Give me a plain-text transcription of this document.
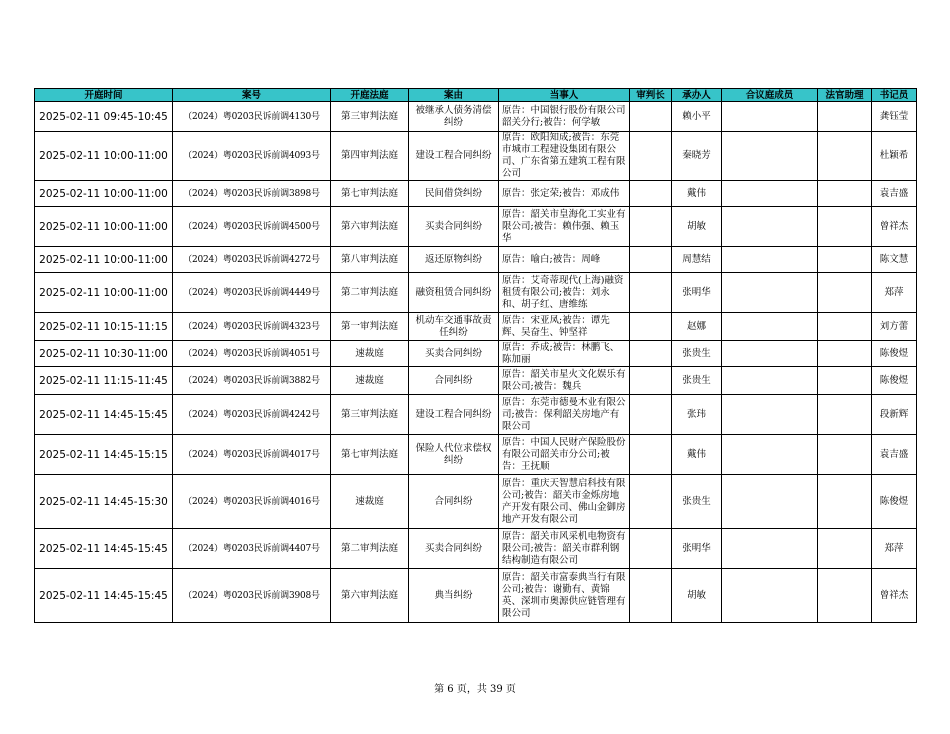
开庭时间	案号	开庭法庭	案由	当事人	审判长	承办人	合议庭成员	法官助理	书记员
2025-02-11 09:45-10:45	（2024）粤0203民诉前调4130号	第三审判法庭	被继承人债务清偿纠纷	原告：中国银行股份有限公司韶关分行;被告：何学敏		赖小平			龚钰莹
2025-02-11 10:00-11:00	（2024）粤0203民诉前调4093号	第四审判法庭	建设工程合同纠纷	原告：欧阳知成;被告：东莞市城市工程建设集团有限公司、广东省第五建筑工程有限公司		秦晓芳			杜颖希
2025-02-11 10:00-11:00	（2024）粤0203民诉前调3898号	第七审判法庭	民间借贷纠纷	原告：张定荣;被告：邓成伟		戴伟			袁吉盛
2025-02-11 10:00-11:00	（2024）粤0203民诉前调4500号	第六审判法庭	买卖合同纠纷	原告：韶关市皇海化工实业有限公司;被告：赖伟强、赖玉华		胡敏			曾祥杰
2025-02-11 10:00-11:00	（2024）粤0203民诉前调4272号	第八审判法庭	返还原物纠纷	原告：喻白;被告：周峰		周慧结			陈文慧
2025-02-11 10:00-11:00	（2024）粤0203民诉前调4449号	第二审判法庭	融资租赁合同纠纷	原告：艾奇蒂现代(上海)融资租赁有限公司;被告：刘永和、胡子红、唐维练		张明华			郑萍
2025-02-11 10:15-11:15	（2024）粤0203民诉前调4323号	第一审判法庭	机动车交通事故责任纠纷	原告：宋亚凤;被告：谭先辉、吴奋生、钟坚祥		赵娜			刘方蕾
2025-02-11 10:30-11:00	（2024）粤0203民诉前调4051号	速裁庭	买卖合同纠纷	原告：乔成;被告：林鹏飞、陈加丽		张贵生			陈俊煜
2025-02-11 11:15-11:45	（2024）粤0203民诉前调3882号	速裁庭	合同纠纷	原告：韶关市星火文化娱乐有限公司;被告：魏兵		张贵生			陈俊煜
2025-02-11 14:45-15:45	（2024）粤0203民诉前调4242号	第三审判法庭	建设工程合同纠纷	原告：东莞市德曼木业有限公司;被告：保利韶关房地产有限公司		张玮			段新辉
2025-02-11 14:45-15:15	（2024）粤0203民诉前调4017号	第七审判法庭	保险人代位求偿权纠纷	原告：中国人民财产保险股份有限公司韶关市分公司;被告：王抚顺		戴伟			袁吉盛
2025-02-11 14:45-15:30	（2024）粤0203民诉前调4016号	速裁庭	合同纠纷	原告：重庆天智慧启科技有限公司;被告：韶关市金烁房地产开发有限公司、佛山金御房地产开发有限公司		张贵生			陈俊煜
2025-02-11 14:45-15:45	（2024）粤0203民诉前调4407号	第二审判法庭	买卖合同纠纷	原告：韶关市风采机电物资有限公司;被告：韶关市群利钢结构制造有限公司		张明华			郑萍
2025-02-11 14:45-15:45	（2024）粤0203民诉前调3908号	第六审判法庭	典当纠纷	原告：韶关市富泰典当行有限公司;被告：谢勤有、黄锦英、深圳市奥源供应链管理有限公司		胡敏			曾祥杰
第 6 页，共 39 页
